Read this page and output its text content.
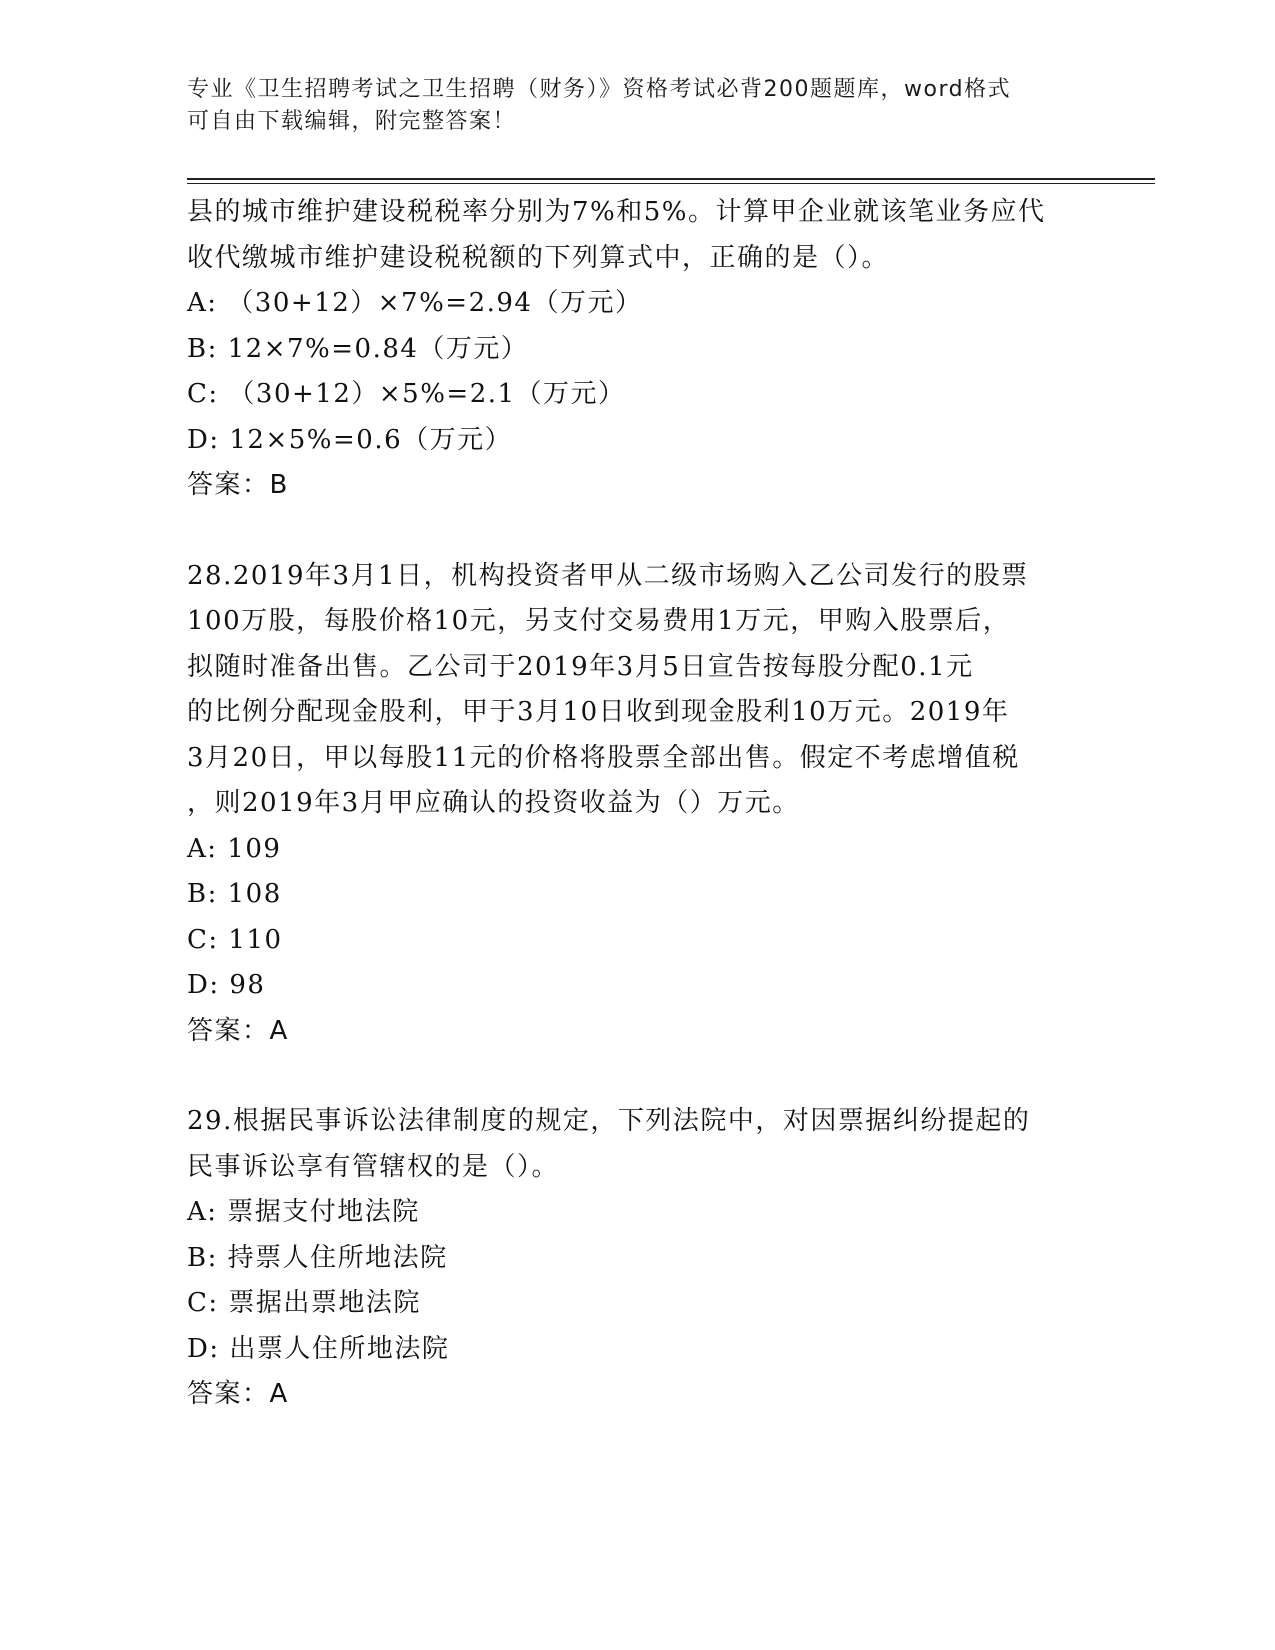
专业《卫生招聘考试之卫生招聘（财务）》资格考试必背200题题库，word格式
可自由下载编辑，附完整答案！
县的城市维护建设税税率分别为7%和5%。计算甲企业就该笔业务应代
收代缴城市维护建设税税额的下列算式中，正确的是（）。
A: （30+12）×7%=2.94（万元）
B: 12×7%=0.84（万元）
C: （30+12）×5%=2.1（万元）
D: 12×5%=0.6（万元）
答案：B
28.2019年3月1日，机构投资者甲从二级市场购入乙公司发行的股票
100万股，每股价格10元，另支付交易费用1万元，甲购入股票后，
拟随时准备出售。乙公司于2019年3月5日宣告按每股分配0.1元
的比例分配现金股利，甲于3月10日收到现金股利10万元。2019年
3月20日，甲以每股11元的价格将股票全部出售。假定不考虑增值税
，则2019年3月甲应确认的投资收益为（）万元。
A: 109
B: 108
C: 110
D: 98
答案：A
29.根据民事诉讼法律制度的规定，下列法院中，对因票据纠纷提起的
民事诉讼享有管辖权的是（）。
A: 票据支付地法院
B: 持票人住所地法院
C: 票据出票地法院
D: 出票人住所地法院
答案：A
